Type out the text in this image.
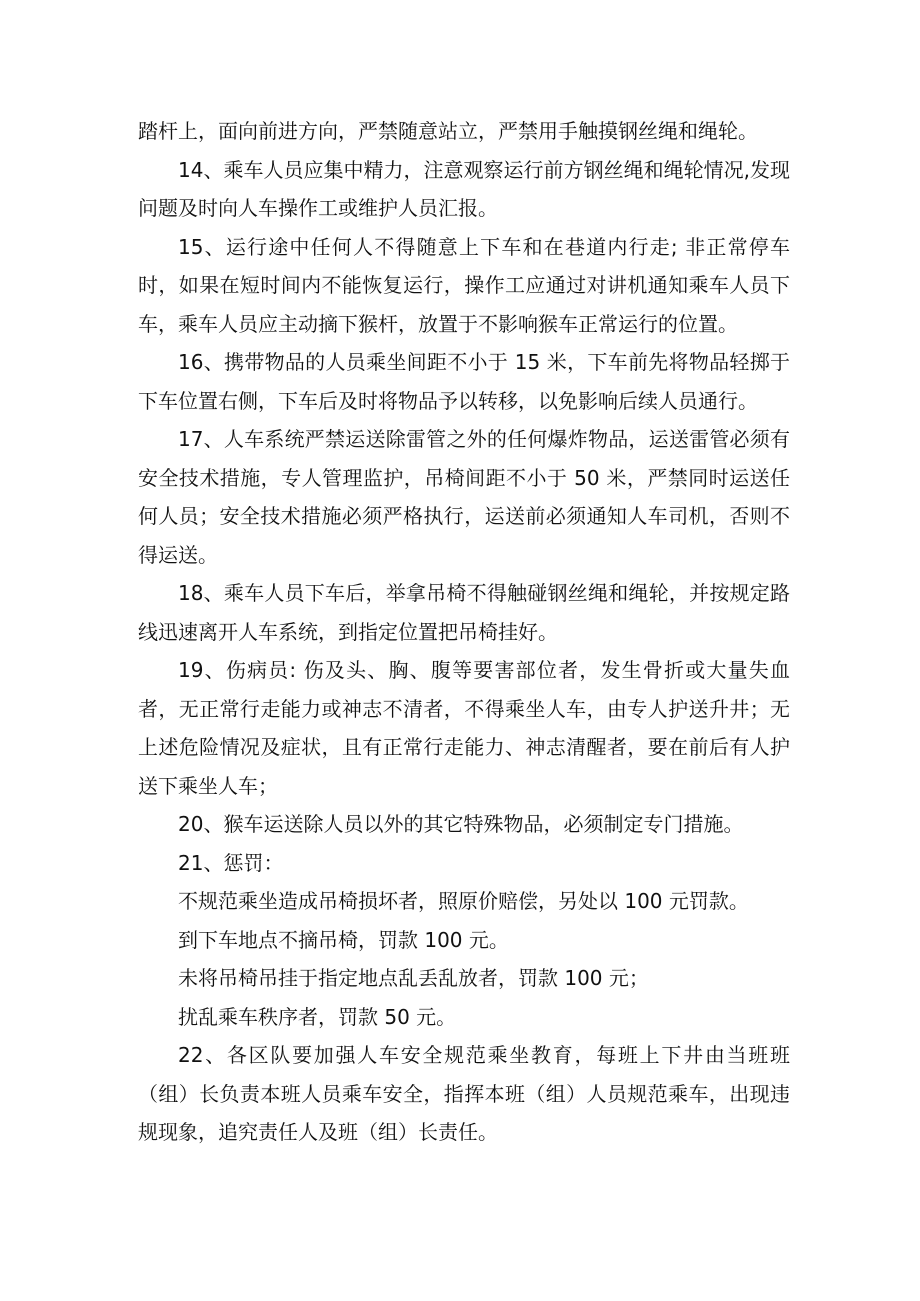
踏杆上，面向前进方向，严禁随意站立，严禁用手触摸钢丝绳和绳轮。

14、乘车人员应集中精力，注意观察运行前方钢丝绳和绳轮情况,发现问题及时向人车操作工或维护人员汇报。

15、运行途中任何人不得随意上下车和在巷道内行走; 非正常停车时，如果在短时间内不能恢复运行，操作工应通过对讲机通知乘车人员下车，乘车人员应主动摘下猴杆，放置于不影响猴车正常运行的位置。

16、携带物品的人员乘坐间距不小于 15 米，下车前先将物品轻掷于下车位置右侧，下车后及时将物品予以转移，以免影响后续人员通行。

17、人车系统严禁运送除雷管之外的任何爆炸物品，运送雷管必须有安全技术措施，专人管理监护，吊椅间距不小于 50 米，严禁同时运送任何人员；安全技术措施必须严格执行，运送前必须通知人车司机，否则不得运送。

18、乘车人员下车后，举拿吊椅不得触碰钢丝绳和绳轮，并按规定路线迅速离开人车系统，到指定位置把吊椅挂好。

19、伤病员: 伤及头、胸、腹等要害部位者，发生骨折或大量失血者，无正常行走能力或神志不清者，不得乘坐人车，由专人护送升井；无上述危险情况及症状，且有正常行走能力、神志清醒者，要在前后有人护送下乘坐人车；

20、猴车运送除人员以外的其它特殊物品，必须制定专门措施。

21、惩罚：

不规范乘坐造成吊椅损坏者，照原价赔偿，另处以 100 元罚款。

到下车地点不摘吊椅，罚款 100 元。

未将吊椅吊挂于指定地点乱丢乱放者，罚款 100 元；

扰乱乘车秩序者，罚款 50 元。

22、各区队要加强人车安全规范乘坐教育，每班上下井由当班班（组）长负责本班人员乘车安全，指挥本班（组）人员规范乘车，出现违规现象，追究责任人及班（组）长责任。
